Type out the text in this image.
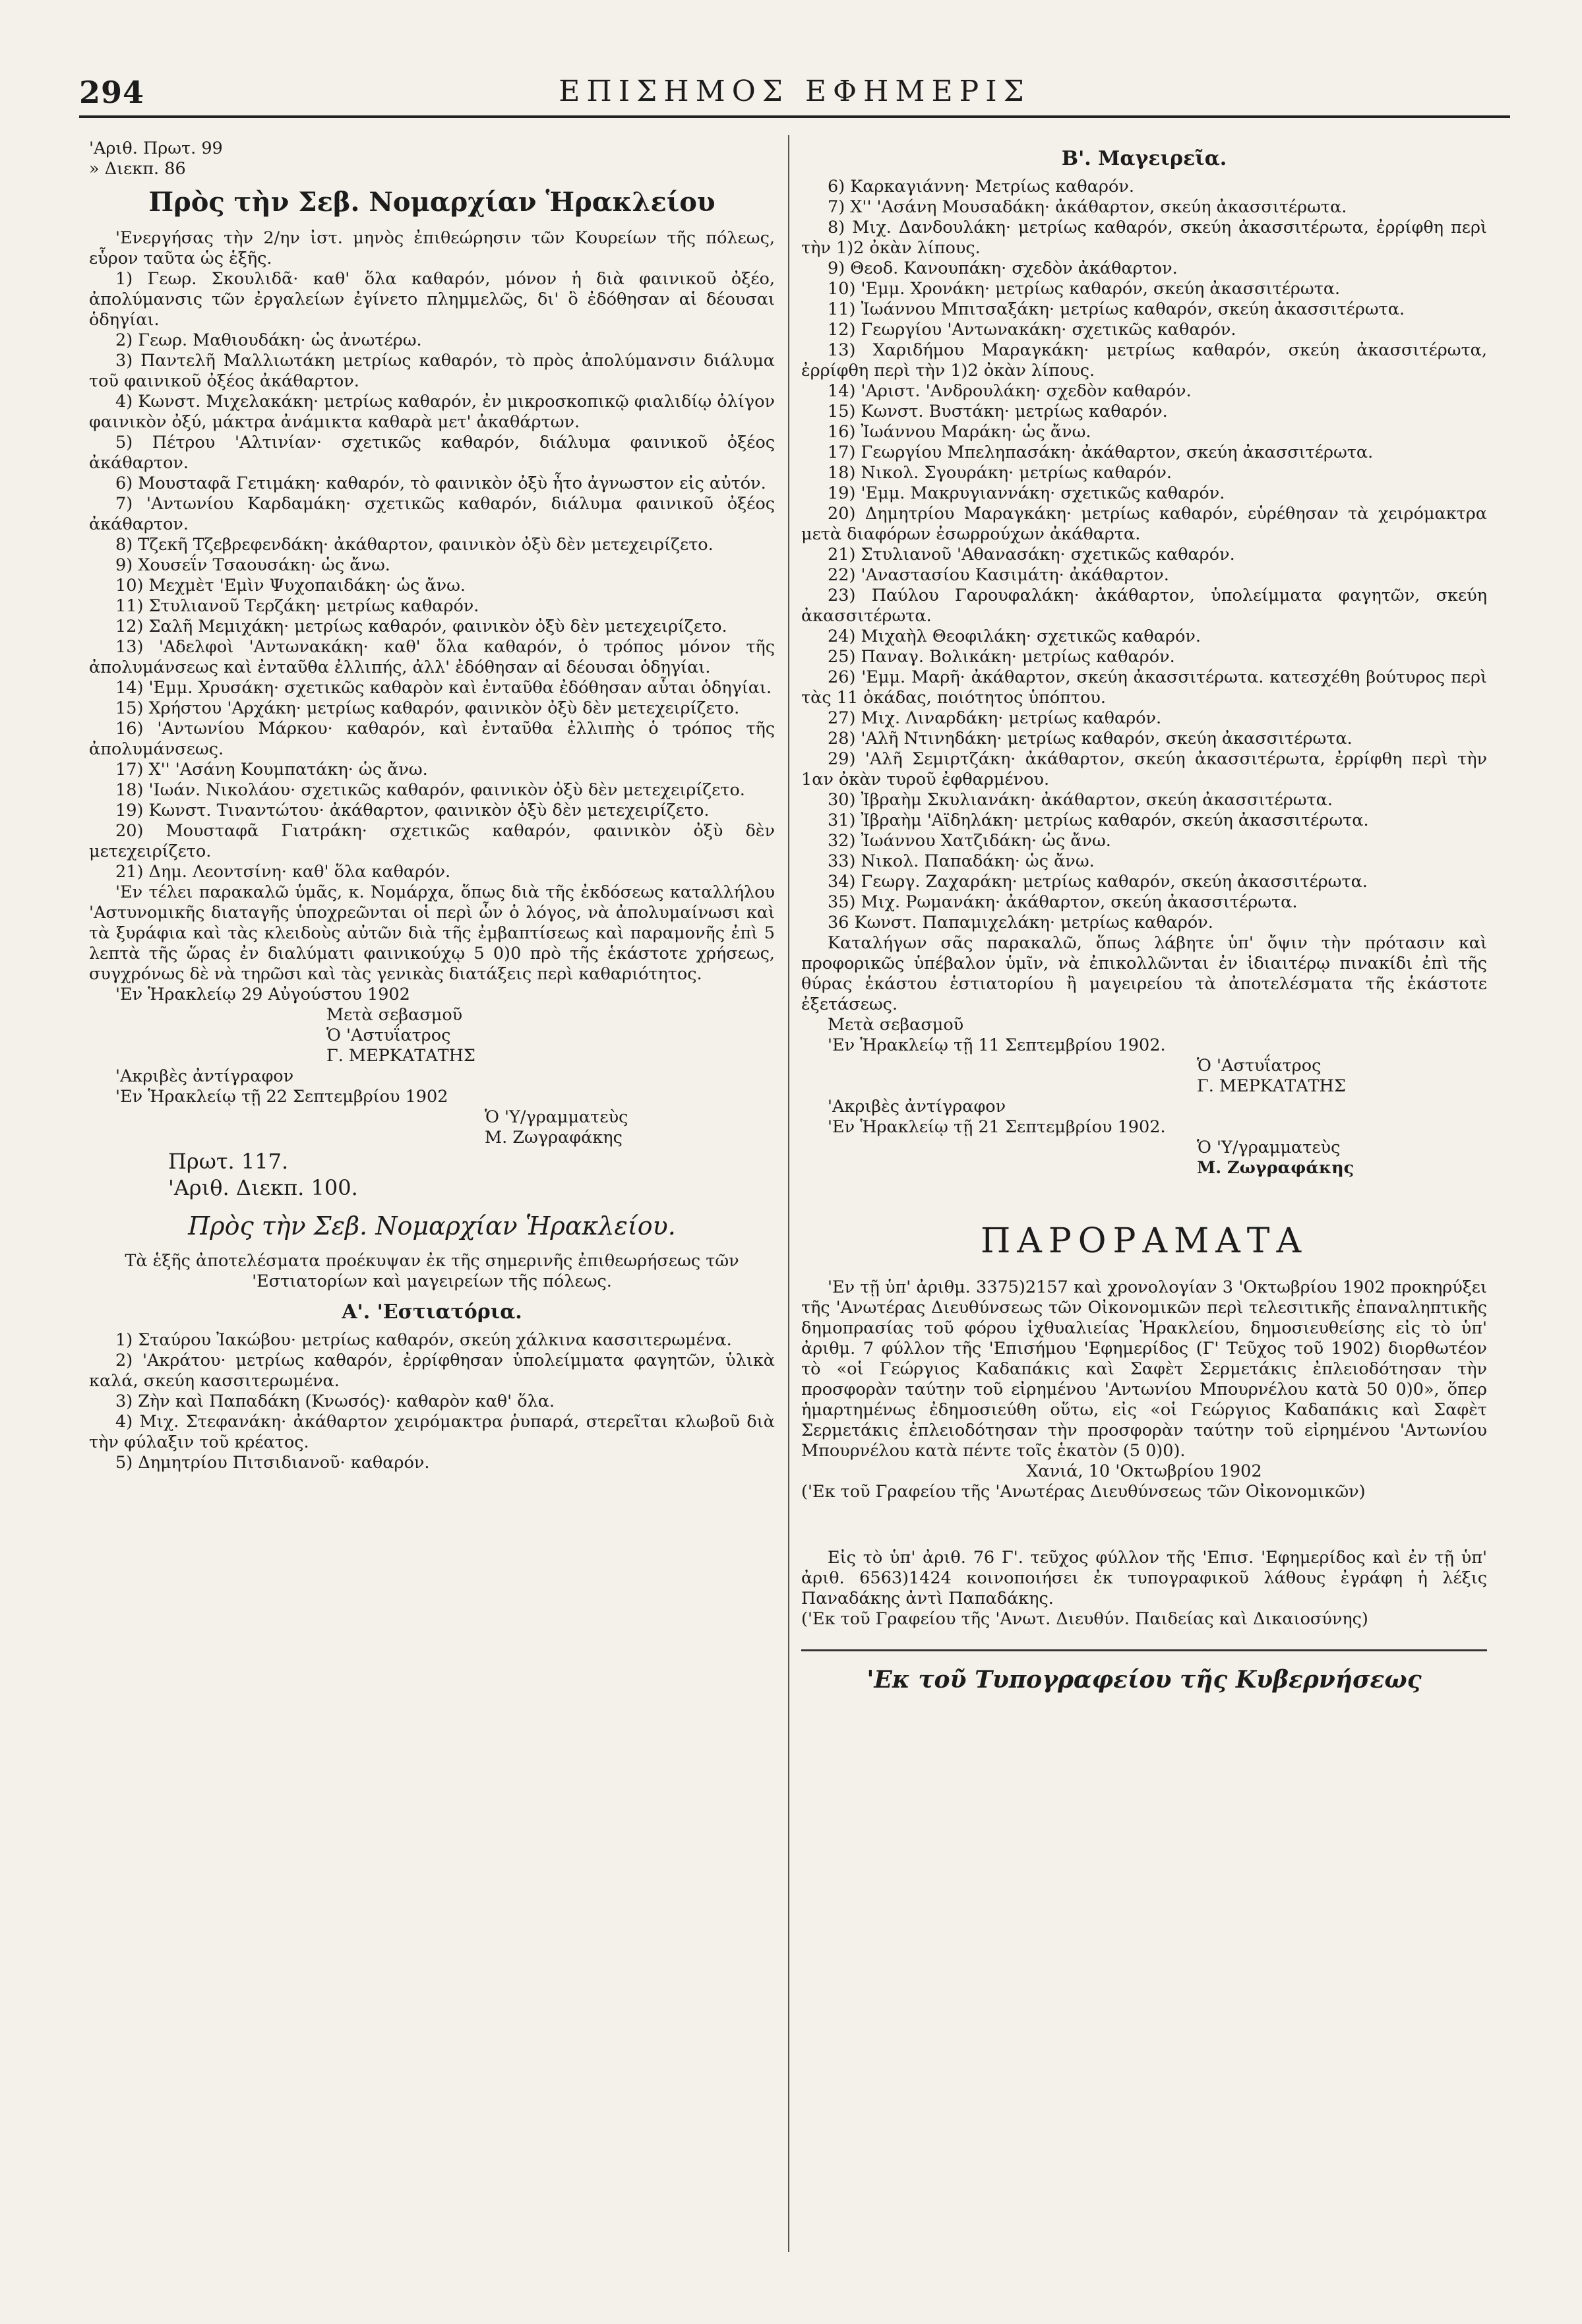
294	ΕΠΙΣΗΜΟΣ ΕΦΗΜΕΡΙΣ

'Αριθ. Πρωτ. 99

» Διεκπ. 86

Πρὸς τὴν Σεβ. Νομαρχίαν Ἡρακλείου

'Ενεργήσας τὴν 2/ην ἰστ. μηνὸς ἐπιθεώρησιν τῶν Κουρείων τῆς πόλεως, εὗρον ταῦτα ὡς ἑξῆς.

1) Γεωρ. Σκουλιδᾶ· καθ' ὅλα καθαρόν, μόνον ἡ διὰ φαινικοῦ ὀξέο, ἀπολύμανσις τῶν ἐργαλείων ἐγίνετο πλημμελῶς, δι' ὃ ἐδόθησαν αἱ δέουσαι ὁδηγίαι.

2) Γεωρ. Μαθιουδάκη· ὡς ἀνωτέρω.

3) Παντελῆ Μαλλιωτάκη μετρίως καθαρόν, τὸ πρὸς ἀπολύμανσιν διάλυμα τοῦ φαινικοῦ ὀξέος ἀκάθαρτον.

4) Κωνστ. Μιχελακάκη· μετρίως καθαρόν, ἐν μικροσκοπικῷ φιαλιδίῳ ὀλίγον φαινικὸν ὀξύ, μάκτρα ἀνάμικτα καθαρὰ μετ' ἀκαθάρτων.

5) Πέτρου 'Αλτινίαν· σχετικῶς καθαρόν, διάλυμα φαινικοῦ ὀξέος ἀκάθαρτον.

6) Μουσταφᾶ Γετιμάκη· καθαρόν, τὸ φαινικὸν ὀξὺ ἦτο ἀγνωστον εἰς αὐτόν.

7) 'Αντωνίου Καρδαμάκη· σχετικῶς καθαρόν, διάλυμα φαινικοῦ ὀξέος ἀκάθαρτον.

8) Τζεκῆ Τζεβρεφενδάκη· ἀκάθαρτον, φαινικὸν ὀξὺ δὲν μετεχειρίζετο.

9) Χουσεΐν Τσαουσάκη· ὡς ἄνω.

10) Μεχμὲτ 'Εμὶν Ψυχοπαιδάκη· ὡς ἄνω.

11) Στυλιανοῦ Τερζάκη· μετρίως καθαρόν.

12) Σαλῆ Μεμιχάκη· μετρίως καθαρόν, φαινικὸν ὀξὺ δὲν μετεχειρίζετο.

13) 'Αδελφοὶ 'Αντωνακάκη· καθ' ὅλα καθαρόν, ὁ τρόπος μόνον τῆς ἀπολυμάνσεως καὶ ἐνταῦθα ἐλλιπής, ἀλλ' ἐδόθησαν αἱ δέουσαι ὁδηγίαι.

14) 'Εμμ. Χρυσάκη· σχετικῶς καθαρὸν καὶ ἐνταῦθα ἐδόθησαν αὗται ὁδηγίαι.

15) Χρήστου 'Αρχάκη· μετρίως καθαρόν, φαινικὸν ὀξὺ δὲν μετεχειρίζετο.

16) 'Αντωνίου Μάρκου· καθαρόν, καὶ ἐνταῦθα ἐλλιπὴς ὁ τρόπος τῆς ἀπολυμάνσεως.

17) Χ'' 'Ασάνη Κουμπατάκη· ὡς ἄνω.

18) 'Ιωάν. Νικολάου· σχετικῶς καθαρόν, φαινικὸν ὀξὺ δὲν μετεχειρίζετο.

19) Κωνστ. Τιναντώτου· ἀκάθαρτον, φαινικὸν ὀξὺ δὲν μετεχειρίζετο.

20) Μουσταφᾶ Γιατράκη· σχετικῶς καθαρόν, φαινικὸν ὀξὺ δὲν μετεχειρίζετο.

21) Δημ. Λεοντσίνη· καθ' ὅλα καθαρόν.

'Εν τέλει παρακαλῶ ὑμᾶς, κ. Νομάρχα, ὅπως διὰ τῆς ἐκδόσεως καταλλήλου 'Αστυνομικῆς διαταγῆς ὑποχρεῶνται οἱ περὶ ὧν ὁ λόγος, νὰ ἀπολυμαίνωσι καὶ τὰ ξυράφια καὶ τὰς κλειδοὺς αὐτῶν διὰ τῆς ἐμβαπτίσεως καὶ παραμονῆς ἐπὶ 5 λεπτὰ τῆς ὥρας ἐν διαλύματι φαινικούχῳ 5 0)0 πρὸ τῆς ἑκάστοτε χρήσεως, συγχρόνως δὲ νὰ τηρῶσι καὶ τὰς γενικὰς διατάξεις περὶ καθαριότητος.

'Εν Ἡρακλείῳ 29 Αὐγούστου 1902

Μετὰ σεβασμοῦ

Ὁ 'Αστυΐατρος

Γ. ΜΕΡΚΑΤΑΤΗΣ

'Ακριβὲς ἀντίγραφον

'Εν Ἡρακλείῳ τῇ 22 Σεπτεμβρίου 1902

Ὁ 'Υ/γραμματεὺς

Μ. Ζωγραφάκης

Πρωτ. 117.

'Αριθ. Διεκπ. 100.

Πρὸς τὴν Σεβ. Νομαρχίαν Ἡρακλείου.

Τὰ ἑξῆς ἀποτελέσματα προέκυψαν ἐκ τῆς σημερινῆς ἐπιθεωρήσεως τῶν 'Εστιατορίων καὶ μαγειρείων τῆς πόλεως.

Α'. 'Εστιατόρια.

1) Σταύρου Ἰακώβου· μετρίως καθαρόν, σκεύη χάλκινα κασσιτερωμένα.

2) 'Ακράτου· μετρίως καθαρόν, ἐρρίφθησαν ὑπολείμματα φαγητῶν, ὑλικὰ καλά, σκεύη κασσιτερωμένα.

3) Ζὴν καὶ Παπαδάκη (Κνωσός)· καθαρὸν καθ' ὅλα.

4) Μιχ. Στεφανάκη· ἀκάθαρτον χειρόμακτρα ῥυπαρά, στερεῖται κλωβοῦ διὰ τὴν φύλαξιν τοῦ κρέατος.

5) Δημητρίου Πιτσιδιανοῦ· καθαρόν.

Β'. Μαγειρεῖα.

6) Καρκαγιάννη· Μετρίως καθαρόν.

7) Χ'' 'Ασάνη Μουσαδάκη· ἀκάθαρτον, σκεύη ἀκασσιτέρωτα.

8) Μιχ. Δανδουλάκη· μετρίως καθαρόν, σκεύη ἀκασσιτέρωτα, ἐρρίφθη περὶ τὴν 1)2 ὀκὰν λίπους.

9) Θεοδ. Κανουπάκη· σχεδὸν ἀκάθαρτον.

10) 'Εμμ. Χρονάκη· μετρίως καθαρόν, σκεύη ἀκασσιτέρωτα.

11) Ἰωάννου Μπιτσαξάκη· μετρίως καθαρόν, σκεύη ἀκασσιτέρωτα.

12) Γεωργίου 'Αντωνακάκη· σχετικῶς καθαρόν.

13) Χαριδήμου Μαραγκάκη· μετρίως καθαρόν, σκεύη ἀκασσιτέρωτα, ἐρρίφθη περὶ τὴν 1)2 ὀκὰν λίπους.

14) 'Αριστ. 'Ανδρουλάκη· σχεδὸν καθαρόν.

15) Κωνστ. Βυστάκη· μετρίως καθαρόν.

16) Ἰωάννου Μαράκη· ὡς ἄνω.

17) Γεωργίου Μπεληπασάκη· ἀκάθαρτον, σκεύη ἀκασσιτέρωτα.

18) Νικολ. Σγουράκη· μετρίως καθαρόν.

19) 'Εμμ. Μακρυγιαννάκη· σχετικῶς καθαρόν.

20) Δημητρίου Μαραγκάκη· μετρίως καθαρόν, εὑρέθησαν τὰ χειρόμακτρα μετὰ διαφόρων ἐσωρρούχων ἀκάθαρτα.

21) Στυλιανοῦ 'Αθανασάκη· σχετικῶς καθαρόν.

22) 'Αναστασίου Κασιμάτη· ἀκάθαρτον.

23) Παύλου Γαρουφαλάκη· ἀκάθαρτον, ὑπολείμματα φαγητῶν, σκεύη ἀκασσιτέρωτα.

24) Μιχαὴλ Θεοφιλάκη· σχετικῶς καθαρόν.

25) Παναγ. Βολικάκη· μετρίως καθαρόν.

26) 'Εμμ. Μαρῆ· ἀκάθαρτον, σκεύη ἀκασσιτέρωτα. κατεσχέθη βούτυρος περὶ τὰς 11 ὀκάδας, ποιότητος ὑπόπτου.

27) Μιχ. Λιναρδάκη· μετρίως καθαρόν.

28) 'Αλῆ Ντινηδάκη· μετρίως καθαρόν, σκεύη ἀκασσιτέρωτα.

29) 'Αλῆ Σεμιρτζάκη· ἀκάθαρτον, σκεύη ἀκασσιτέρωτα, ἐρρίφθη περὶ τὴν 1αν ὀκὰν τυροῦ ἐφθαρμένου.

30) Ἰβραὴμ Σκυλιανάκη· ἀκάθαρτον, σκεύη ἀκασσιτέρωτα.

31) Ἰβραὴμ 'Αϊδηλάκη· μετρίως καθαρόν, σκεύη ἀκασσιτέρωτα.

32) Ἰωάννου Χατζιδάκη· ὡς ἄνω.

33) Νικολ. Παπαδάκη· ὡς ἄνω.

34) Γεωργ. Ζαχαράκη· μετρίως καθαρόν, σκεύη ἀκασσιτέρωτα.

35) Μιχ. Ρωμανάκη· ἀκάθαρτον, σκεύη ἀκασσιτέρωτα.

36 Κωνστ. Παπαμιχελάκη· μετρίως καθαρόν.

Καταλήγων σᾶς παρακαλῶ, ὅπως λάβητε ὑπ' ὄψιν τὴν πρότασιν καὶ προφορικῶς ὑπέβαλον ὑμῖν, νὰ ἐπικολλῶνται ἐν ἰδιαιτέρῳ πινακίδι ἐπὶ τῆς θύρας ἑκάστου ἑστιατορίου ἢ μαγειρείου τὰ ἀποτελέσματα τῆς ἑκάστοτε ἐξετάσεως.

Μετὰ σεβασμοῦ

'Εν Ἡρακλείῳ τῇ 11 Σεπτεμβρίου 1902.

Ὁ 'Αστυΐατρος

Γ. ΜΕΡΚΑΤΑΤΗΣ

'Ακριβὲς ἀντίγραφον

'Εν Ἡρακλείῳ τῇ 21 Σεπτεμβρίου 1902.

Ὁ 'Υ/γραμματεὺς

Μ. Ζωγραφάκης

ΠΑΡΟΡΑΜΑΤΑ

'Εν τῇ ὑπ' ἀριθμ. 3375)2157 καὶ χρονολογίαν 3 'Οκτωβρίου 1902 προκηρύξει τῆς 'Ανωτέρας Διευθύνσεως τῶν Οἰκονομικῶν περὶ τελεσιτικῆς ἐπαναληπτικῆς δημοπρασίας τοῦ φόρου ἰχθυαλιείας Ἡρακλείου, δημοσιευθείσης εἰς τὸ ὑπ' ἀριθμ. 7 φύλλον τῆς 'Επισήμου 'Εφημερίδος (Γ' Τεῦχος τοῦ 1902) διορθωτέον τὸ «οἱ Γεώργιος Καδαπάκις καὶ Σαφὲτ Σερμετάκις ἐπλειοδότησαν τὴν προσφορὰν ταύτην τοῦ εἰρημένου 'Αντωνίου Μπουρνέλου κατὰ 50 0)0», ὅπερ ἡμαρτημένως ἐδημοσιεύθη οὕτω, εἰς «οἱ Γεώργιος Καδαπάκις καὶ Σαφὲτ Σερμετάκις ἐπλειοδότησαν τὴν προσφορὰν ταύτην τοῦ εἰρημένου 'Αντωνίου Μπουρνέλου κατὰ πέντε τοῖς ἑκατὸν (5 0)0).

Χανιά, 10 'Οκτωβρίου 1902

('Εκ τοῦ Γραφείου τῆς 'Ανωτέρας Διευθύνσεως τῶν Οἰκονομικῶν)

Εἰς τὸ ὑπ' ἀριθ. 76 Γ'. τεῦχος φύλλον τῆς 'Επισ. 'Εφημερίδος καὶ ἐν τῇ ὑπ' ἀριθ. 6563)1424 κοινοποιήσει ἐκ τυπογραφικοῦ λάθους ἐγράφη ἡ λέξις Παναδάκης ἀντὶ Παπαδάκης.

('Εκ τοῦ Γραφείου τῆς 'Ανωτ. Διευθύν. Παιδείας καὶ Δικαιοσύνης)

'Εκ τοῦ Τυπογραφείου τῆς Κυβερνήσεως
